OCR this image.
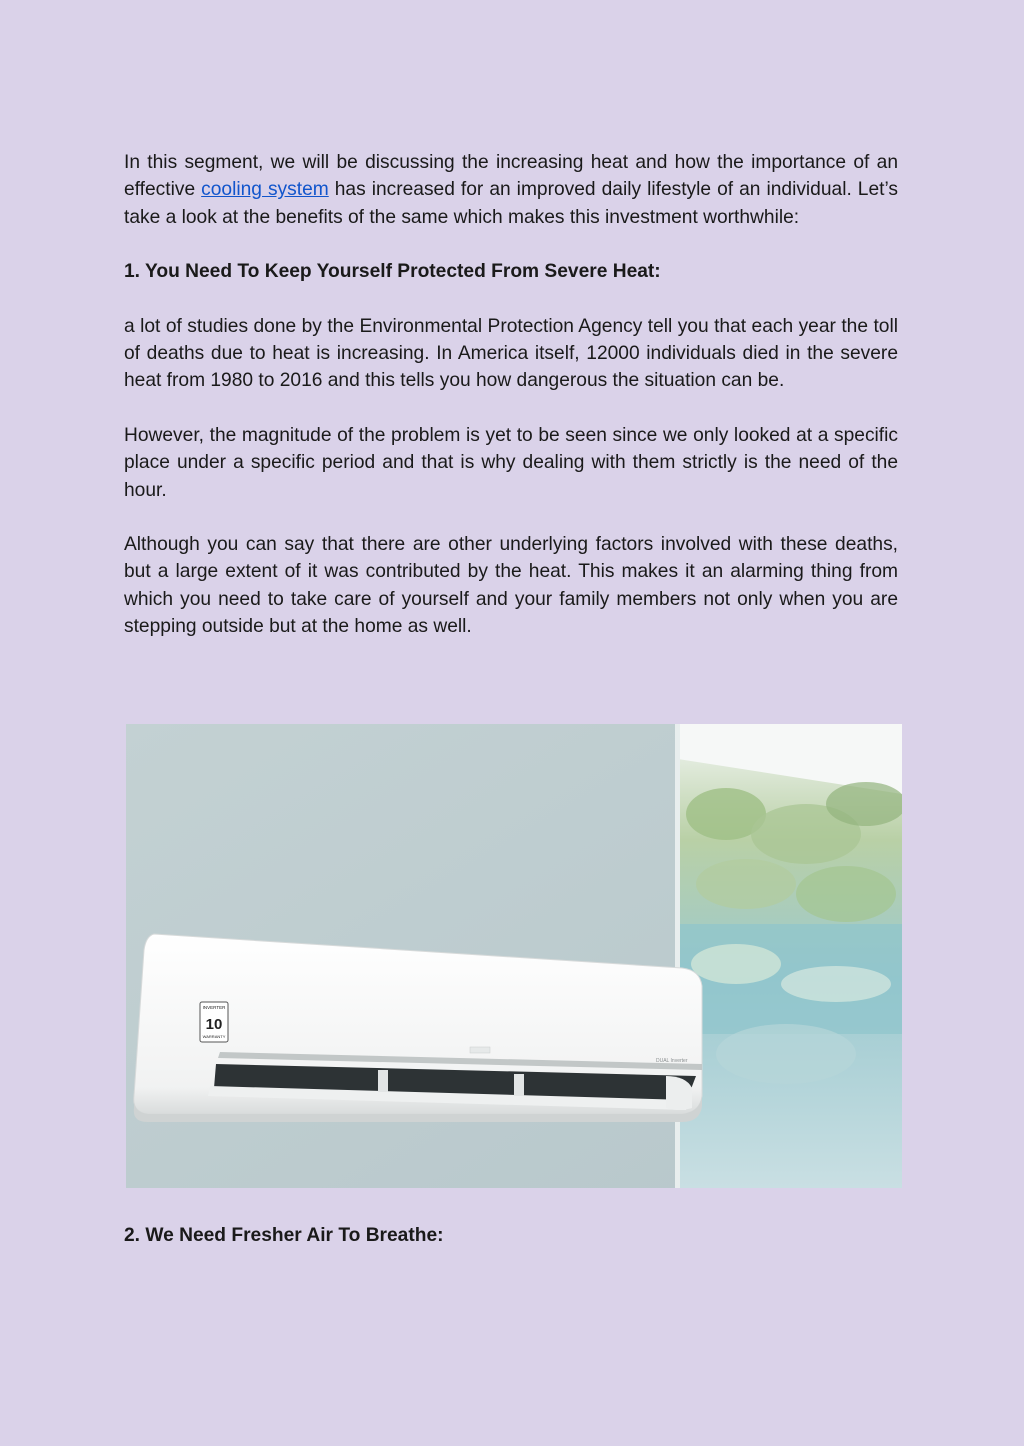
In this segment, we will be discussing the increasing heat and how the importance of an effective cooling system has increased for an improved daily lifestyle of an individual. Let’s take a look at the benefits of the same which makes this investment worthwhile:

1. You Need To Keep Yourself Protected From Severe Heat:

a lot of studies done by the Environmental Protection Agency tell you that each year the toll of deaths due to heat is increasing. In America itself, 12000 individuals died in the severe heat from 1980 to 2016 and this tells you how dangerous the situation can be.

However, the magnitude of the problem is yet to be seen since we only looked at a specific place under a specific period and that is why dealing with them strictly is the need of the hour.

Although you can say that there are other underlying factors involved with these deaths, but a large extent of it was contributed by the heat. This makes it an alarming thing from which you need to take care of yourself and your family members not only when you are stepping outside but at the home as well.

INVERTER
10
WARRANTY
DUAL Inverter
2. We Need Fresher Air To Breathe:
